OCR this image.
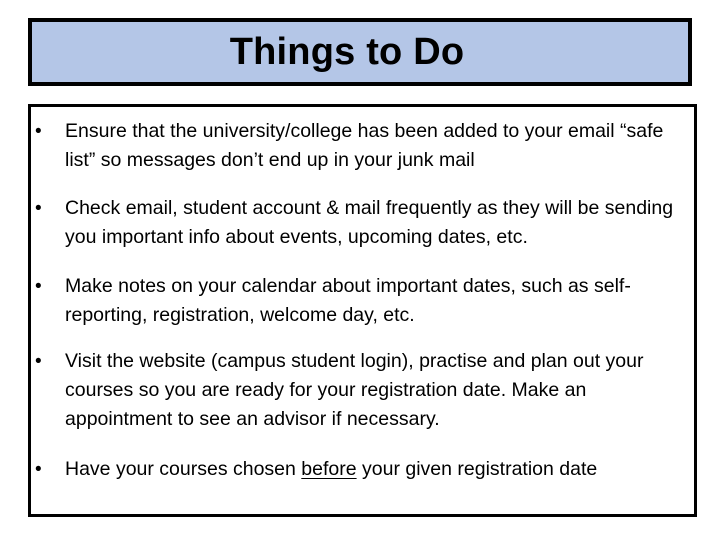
Things to Do
•	Ensure that the university/college has been added to your email “safe list” so messages don’t end up in your junk mail
•	Check email, student account & mail frequently as they will be sending you important info about events, upcoming dates, etc.
•	Make notes on your calendar about important dates, such as self-reporting, registration, welcome day, etc.
•	Visit the website (campus student login), practise and plan out your courses so you are ready for your registration date. Make an appointment to see an advisor if necessary.
•	Have your courses chosen before your given registration date
